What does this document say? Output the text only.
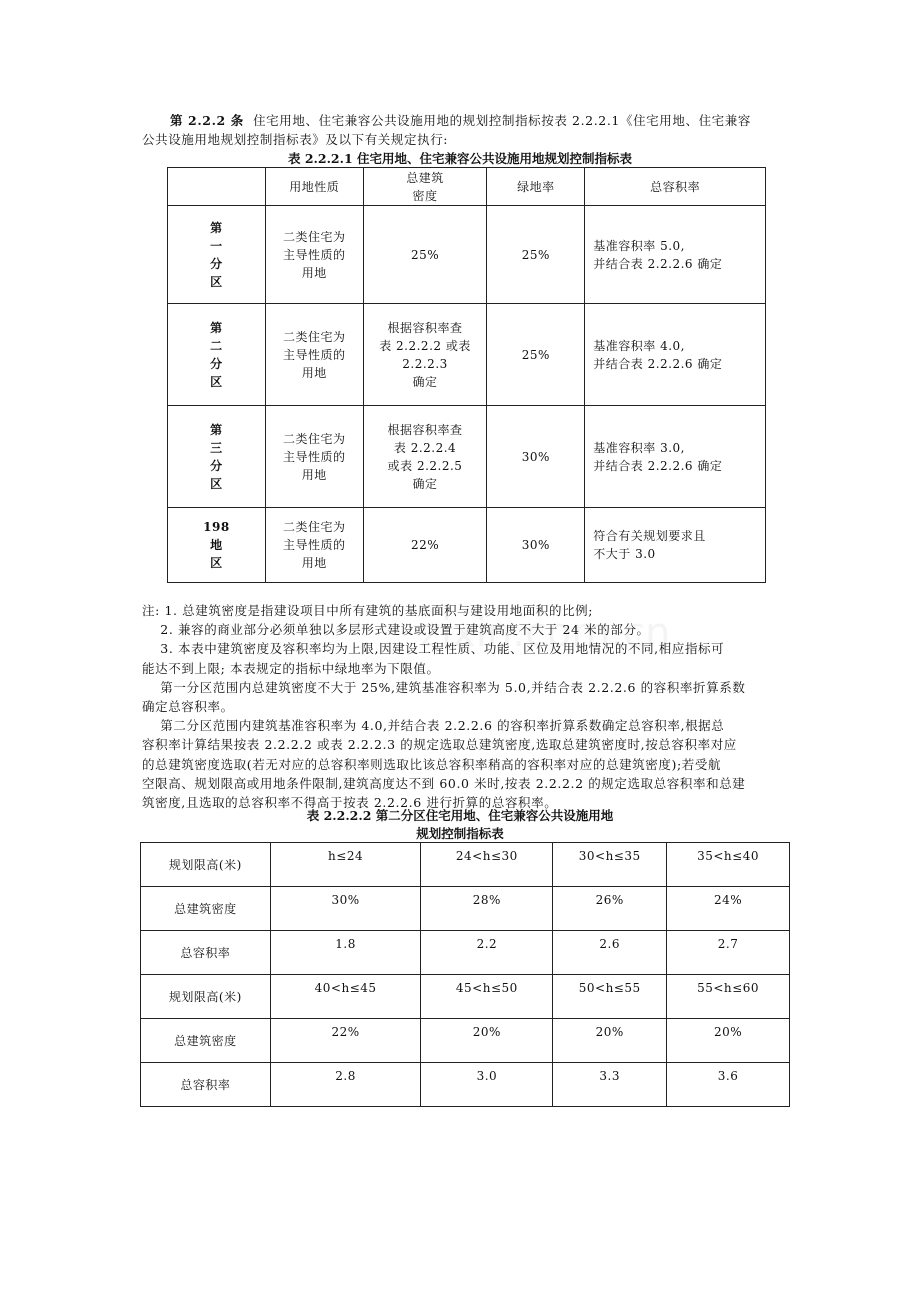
第 2.2.2 条 住宅用地、住宅兼容公共设施用地的规划控制指标按表 2.2.2.1《住宅用地、住宅兼容
公共设施用地规划控制指标表》及以下有关规定执行:
表 2.2.2.1 住宅用地、住宅兼容公共设施用地规划控制指标表
	用地性质	总建筑
密度	绿地率	总容积率
第
一
分
区	二类住宅为
主导性质的
用地	25%	25%	基准容积率 5.0,
并结合表 2.2.2.6 确定
第
二
分
区	二类住宅为
主导性质的
用地	根据容积率查
表 2.2.2.2 或表
2.2.2.3
确定	25%	基准容积率 4.0,
并结合表 2.2.2.6 确定
第
三
分
区	二类住宅为
主导性质的
用地	根据容积率查
表 2.2.2.4
或表 2.2.2.5
确定	30%	基准容积率 3.0,
并结合表 2.2.2.6 确定
198
地
区	二类住宅为
主导性质的
用地	22%	30%	符合有关规划要求且
不大于 3.0
注: 1. 总建筑密度是指建设项目中所有建筑的基底面积与建设用地面积的比例;
2. 兼容的商业部分必须单独以多层形式建设或设置于建筑高度不大于 24 米的部分。
3. 本表中建筑密度及容积率均为上限,因建设工程性质、功能、区位及用地情况的不同,相应指标可
能达不到上限; 本表规定的指标中绿地率为下限值。
第一分区范围内总建筑密度不大于 25%,建筑基准容积率为 5.0,并结合表 2.2.2.6 的容积率折算系数
确定总容积率。
第二分区范围内建筑基准容积率为 4.0,并结合表 2.2.2.6 的容积率折算系数确定总容积率,根据总
容积率计算结果按表 2.2.2.2 或表 2.2.2.3 的规定选取总建筑密度,选取总建筑密度时,按总容积率对应
的总建筑密度选取(若无对应的总容积率则选取比该总容积率稍高的容积率对应的总建筑密度);若受航
空限高、规划限高或用地条件限制,建筑高度达不到 60.0 米时,按表 2.2.2.2 的规定选取总容积率和总建
筑密度,且选取的总容积率不得高于按表 2.2.2.6 进行折算的总容积率。
表 2.2.2.2 第二分区住宅用地、住宅兼容公共设施用地
规划控制指标表
规划限高(米)	h≤24	24<h≤30	30<h≤35	35<h≤40
总建筑密度	30%	28%	26%	24%
总容积率	1.8	2.2	2.6	2.7
规划限高(米)	40<h≤45	45<h≤50	50<h≤55	55<h≤60
总建筑密度	22%	20%	20%	20%
总容积率	2.8	3.0	3.3	3.6
